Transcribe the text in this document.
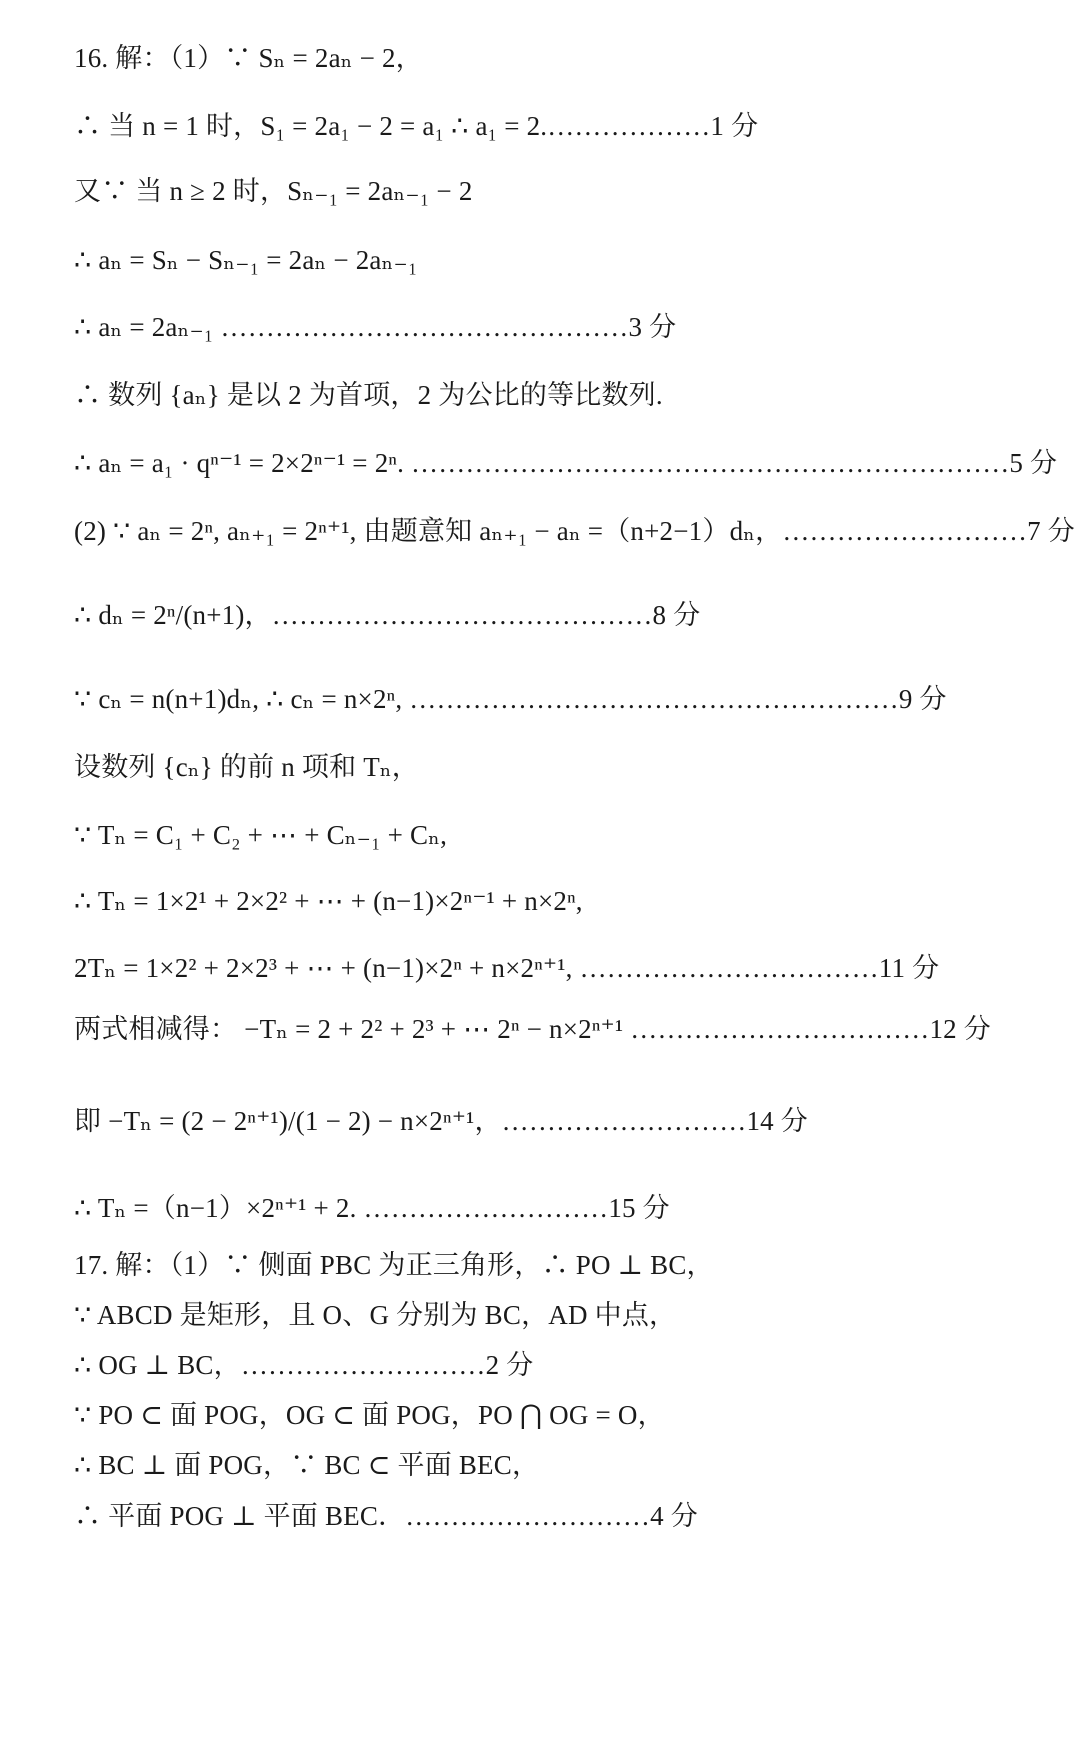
16. 解：（1）∵ Sₙ = 2aₙ − 2，
∴ 当 n = 1 时，S₁ = 2a₁ − 2 = a₁ ∴ a₁ = 2.………………1 分
又∵ 当 n ≥ 2 时，Sₙ₋₁ = 2aₙ₋₁ − 2
∴ aₙ = Sₙ − Sₙ₋₁ = 2aₙ − 2aₙ₋₁
∴ aₙ = 2aₙ₋₁ ………………………………………3 分
∴ 数列 {aₙ} 是以 2 为首项，2 为公比的等比数列.
∴ aₙ = a₁ · qⁿ⁻¹ = 2×2ⁿ⁻¹ = 2ⁿ. …………………………………………………………5 分
(2) ∵ aₙ = 2ⁿ, aₙ₊₁ = 2ⁿ⁺¹, 由题意知 aₙ₊₁ − aₙ =（n+2−1）dₙ，………………………7 分
∴ dₙ = 2ⁿ/(n+1)，……………………………………8 分
∵ cₙ = n(n+1)dₙ, ∴ cₙ = n×2ⁿ, ………………………………………………9 分
设数列 {cₙ} 的前 n 项和 Tₙ，
∵ Tₙ = C₁ + C₂ + ⋯ + Cₙ₋₁ + Cₙ,
∴ Tₙ = 1×2¹ + 2×2² + ⋯ + (n−1)×2ⁿ⁻¹ + n×2ⁿ,
2Tₙ = 1×2² + 2×2³ + ⋯ + (n−1)×2ⁿ + n×2ⁿ⁺¹, ……………………………11 分
两式相减得： −Tₙ = 2 + 2² + 2³ + ⋯ 2ⁿ − n×2ⁿ⁺¹ ……………………………12 分
即 −Tₙ = (2 − 2ⁿ⁺¹)/(1 − 2) − n×2ⁿ⁺¹，………………………14 分
∴ Tₙ =（n−1）×2ⁿ⁺¹ + 2. ………………………15 分
17. 解：（1）∵ 侧面 PBC 为正三角形，∴ PO ⊥ BC，
∵ ABCD 是矩形，且 O、G 分别为 BC，AD 中点，
∴ OG ⊥ BC，………………………2 分
∵ PO ⊂ 面 POG，OG ⊂ 面 POG，PO ⋂ OG = O，
∴ BC ⊥ 面 POG，∵ BC ⊂ 平面 BEC，
∴ 平面 POG ⊥ 平面 BEC．………………………4 分
